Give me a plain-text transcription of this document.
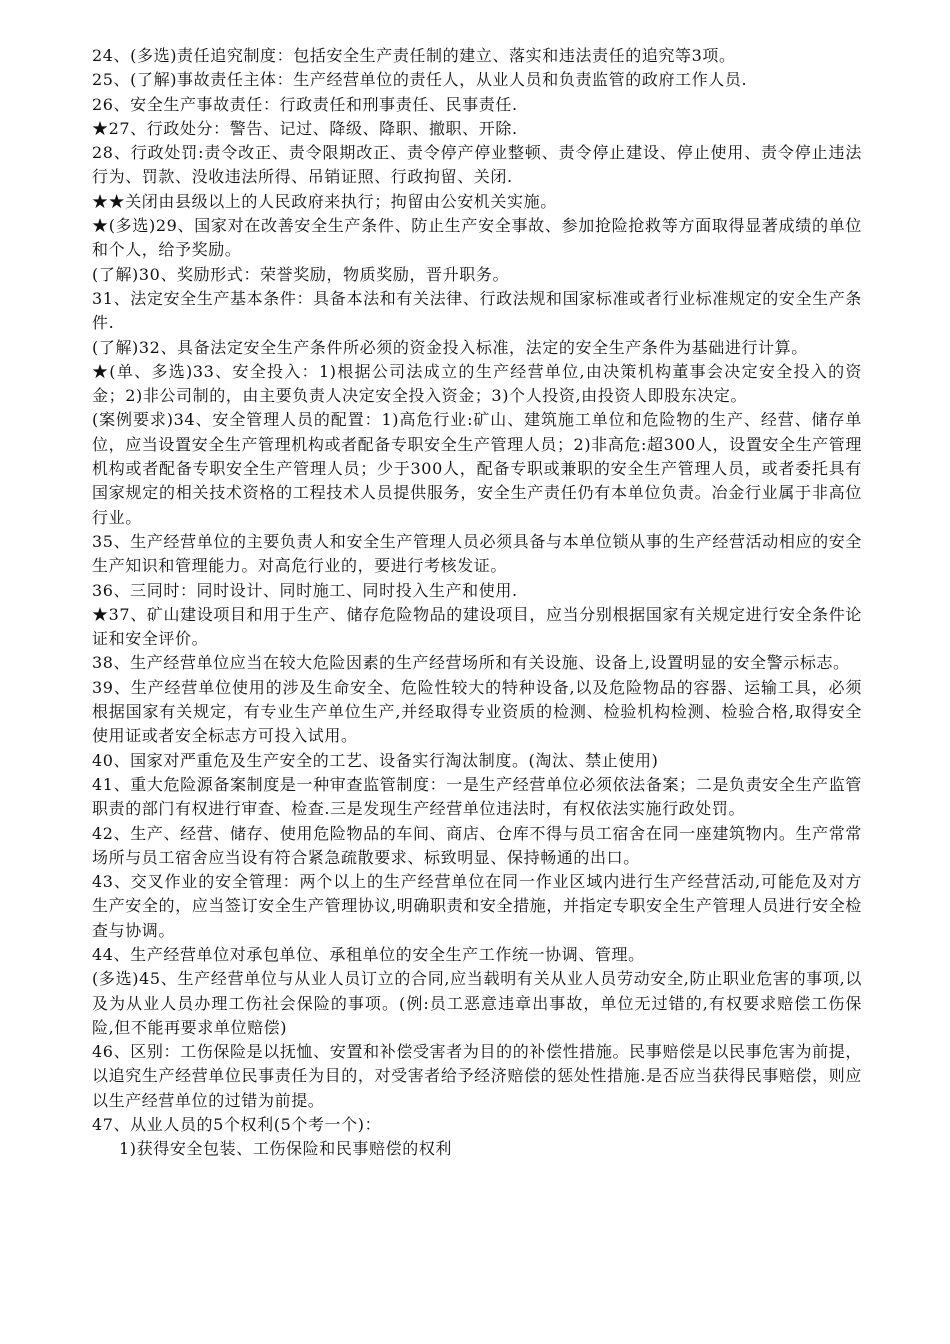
24、(多选)责任追究制度：包括安全生产责任制的建立、落实和违法责任的追究等3项。

25、(了解)事故责任主体：生产经营单位的责任人，从业人员和负责监管的政府工作人员.

26、安全生产事故责任：行政责任和刑事责任、民事责任.

★27、行政处分：警告、记过、降级、降职、撤职、开除.

28、行政处罚:责令改正、责令限期改正、责令停产停业整顿、责令停止建设、停止使用、责令停止违法行为、罚款、没收违法所得、吊销证照、行政拘留、关闭.

★★关闭由县级以上的人民政府来执行；拘留由公安机关实施。

★(多选)29、国家对在改善安全生产条件、防止生产安全事故、参加抢险抢救等方面取得显著成绩的单位和个人，给予奖励。

(了解)30、奖励形式：荣誉奖励，物质奖励，晋升职务。

31、法定安全生产基本条件：具备本法和有关法律、行政法规和国家标准或者行业标准规定的安全生产条件.

(了解)32、具备法定安全生产条件所必须的资金投入标准，法定的安全生产条件为基础进行计算。

★(单、多选)33、安全投入：1)根据公司法成立的生产经营单位,由决策机构董事会决定安全投入的资金；2)非公司制的，由主要负责人决定安全投入资金；3)个人投资,由投资人即股东决定。

(案例要求)34、安全管理人员的配置：1)高危行业:矿山、建筑施工单位和危险物的生产、经营、储存单位，应当设置安全生产管理机构或者配备专职安全生产管理人员；2)非高危:超300人，设置安全生产管理机构或者配备专职安全生产管理人员；少于300人，配备专职或兼职的安全生产管理人员，或者委托具有国家规定的相关技术资格的工程技术人员提供服务，安全生产责任仍有本单位负责。冶金行业属于非高位行业。

35、生产经营单位的主要负责人和安全生产管理人员必须具备与本单位锁从事的生产经营活动相应的安全生产知识和管理能力。对高危行业的，要进行考核发证。

36、三同时：同时设计、同时施工、同时投入生产和使用.

★37、矿山建设项目和用于生产、储存危险物品的建设项目，应当分别根据国家有关规定进行安全条件论证和安全评价。

38、生产经营单位应当在较大危险因素的生产经营场所和有关设施、设备上,设置明显的安全警示标志。

39、生产经营单位使用的涉及生命安全、危险性较大的特种设备,以及危险物品的容器、运输工具，必须根据国家有关规定，有专业生产单位生产,并经取得专业资质的检测、检验机构检测、检验合格,取得安全使用证或者安全标志方可投入试用。

40、国家对严重危及生产安全的工艺、设备实行淘汰制度。(淘汰、禁止使用)

41、重大危险源备案制度是一种审查监管制度：一是生产经营单位必须依法备案；二是负责安全生产监管职责的部门有权进行审查、检查.三是发现生产经营单位违法时，有权依法实施行政处罚。

42、生产、经营、储存、使用危险物品的车间、商店、仓库不得与员工宿舍在同一座建筑物内。生产常常场所与员工宿舍应当设有符合紧急疏散要求、标致明显、保持畅通的出口。

43、交叉作业的安全管理：两个以上的生产经营单位在同一作业区域内进行生产经营活动,可能危及对方生产安全的，应当签订安全生产管理协议,明确职责和安全措施，并指定专职安全生产管理人员进行安全检查与协调。

44、生产经营单位对承包单位、承租单位的安全生产工作统一协调、管理。

(多选)45、生产经营单位与从业人员订立的合同,应当载明有关从业人员劳动安全,防止职业危害的事项,以及为从业人员办理工伤社会保险的事项。(例:员工恶意违章出事故，单位无过错的,有权要求赔偿工伤保险,但不能再要求单位赔偿)

46、区别：工伤保险是以抚恤、安置和补偿受害者为目的的补偿性措施。民事赔偿是以民事危害为前提，以追究生产经营单位民事责任为目的，对受害者给予经济赔偿的惩处性措施.是否应当获得民事赔偿，则应以生产经营单位的过错为前提。

47、从业人员的5个权利(5个考一个)：

1)获得安全包装、工伤保险和民事赔偿的权利
